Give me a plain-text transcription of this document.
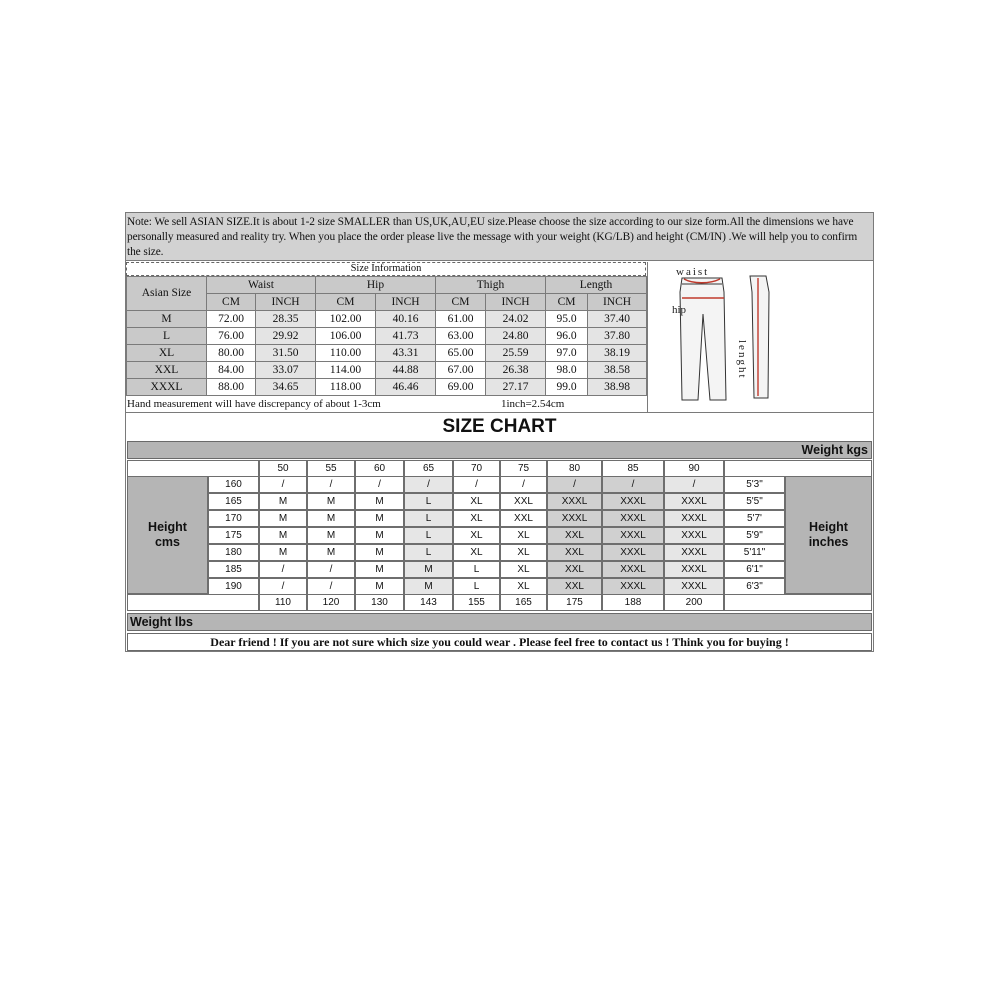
Note: We sell ASIAN SIZE.It is about 1-2 size SMALLER than US,UK,AU,EU size.Please choose the size according to our size form.All the dimensions we have personally measured and reality try. When you place the order please live the message with your weight (KG/LB) and height (CM/IN) .We will help you to confirm the size.
Size Information
Asian Size	Waist		Hip		Thigh		Length	
	CM	INCH	CM	INCH	CM	INCH	CM	INCH
M	72.00	28.35	102.00	40.16	61.00	24.02	95.0	37.40
L	76.00	29.92	106.00	41.73	63.00	24.80	96.0	37.80
XL	80.00	31.50	110.00	43.31	65.00	25.59	97.0	38.19
XXL	84.00	33.07	114.00	44.88	67.00	26.38	98.0	38.58
XXXL	88.00	34.65	118.00	46.46	69.00	27.17	99.0	38.98
Hand measurement will have discrepancy of about 1-3cm	1inch=2.54cm
waist
hip
lenght
SIZE CHART
Weight kgs
Height
cms
Height
inches
50	55	60	65	70	75	80	85	90
160	/	/	/	/	/	/	/	/	/	5'3"
165	M	M	M	L	XL	XXL	XXXL	XXXL	XXXL	5'5"
170	M	M	M	L	XL	XXL	XXXL	XXXL	XXXL	5'7'
175	M	M	M	L	XL	XL	XXL	XXXL	XXXL	5'9"
180	M	M	M	L	XL	XL	XXL	XXXL	XXXL	5'11"
185	/	/	M	M	L	XL	XXL	XXXL	XXXL	6'1"
190	/	/	M	M	L	XL	XXL	XXXL	XXXL	6'3"
110	120	130	143	155	165	175	188	200
Weight lbs
Dear friend ! If you are not sure which size you could wear . Please feel free to contact us ! Think you for buying !
